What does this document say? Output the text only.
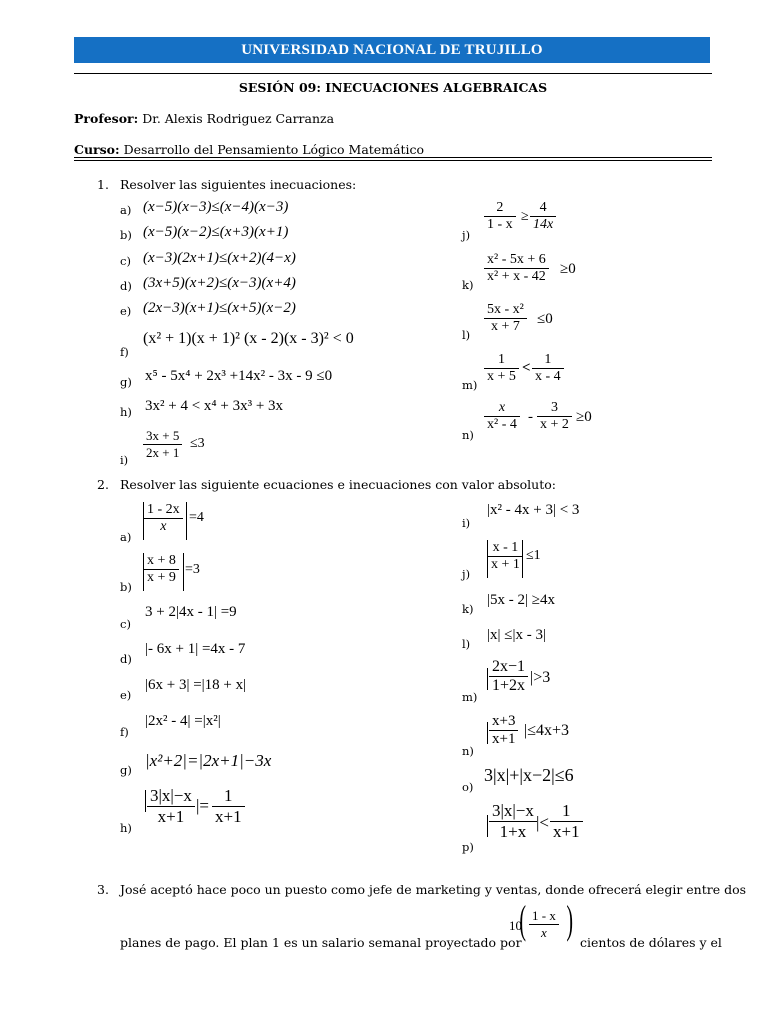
UNIVERSIDAD NACIONAL DE TRUJILLO
SESIÓN 09: INECUACIONES ALGEBRAICAS
Profesor: Dr. Alexis Rodriguez Carranza
Curso: Desarrollo del Pensamiento Lógico Matemático
1. Resolver las siguientes inecuaciones:
a) (x−5)(x−3)≤(x−4)(x−3)
b) (x−5)(x−2)≤(x+3)(x+1)
c) (x−3)(2x+1)≤(x+2)(4−x)
d) (3x+5)(x+2)≤(x−3)(x+4)
e) (2x−3)(x+1)≤(x+5)(x−2)
f)
(x² + 1)(x + 1)² (x - 2)(x - 3)² < 0
g) x⁵ - 5x⁴ + 2x³ +14x² - 3x - 9 ≤0
h) 3x² + 4 < x⁴ + 3x³ + 3x
$i) \frac{3x + 5}{2x + 1} \le 3$
j)
$\frac{2}{1 - x} \ge \frac{4}{14x}$
$k) \frac{\text{x² - 5x + 6}}{\text{x² + x - 42}} \ge 0$
$l) \frac{\text{5x - x²}}{x + 7} \le 0$
$m) \frac{1}{x + 5} < \frac{1}{x - 4}$
n)
$\frac{x}{\text{x² - 4}} - \frac{3}{x + 2} \ge 0$
2. Resolver las siguiente ecuaciones e inecuaciones con valor absoluto:
a)
$\frac{1 - 2x}{x} =4$
b)
$\frac{x + 8}{x + 9} =3$
c)
3 + 2|4x - 1| =9
d)
|- 6x + 1| =4x - 7
e)
|6x + 3| =|18 + x|
f)
|2x² - 4| =|x²|
g) |x²+2|=|2x+1|−3x
h)
$\frac{3|x|-x}{x+1}$ |= $\frac{1}{x+1}$
i)
|x² - 4x + 3| < 3
j)
$\frac{x - 1}{x + 1} \le 1$
k)
|5x - 2| ≥4x
l)
|x| ≤|x - 3|
m)
$\frac{2x-1}{1+2x} |>3$
n)
$\frac{x+3}{x+1} |\le 4x+3$
o)
3|x|+|x−2|≤6
p)
$\frac{3|x|-x}{1+x}$ |< $\frac{1}{x+1}$
3. José aceptó hace poco un puesto como jefe de marketing y ventas, donde ofrecerá elegir entre dos
planes de pago. El plan 1 es un salario semanal proyectado por
10
( $\frac{1 - x}{x}$ )
cientos de dólares y el
